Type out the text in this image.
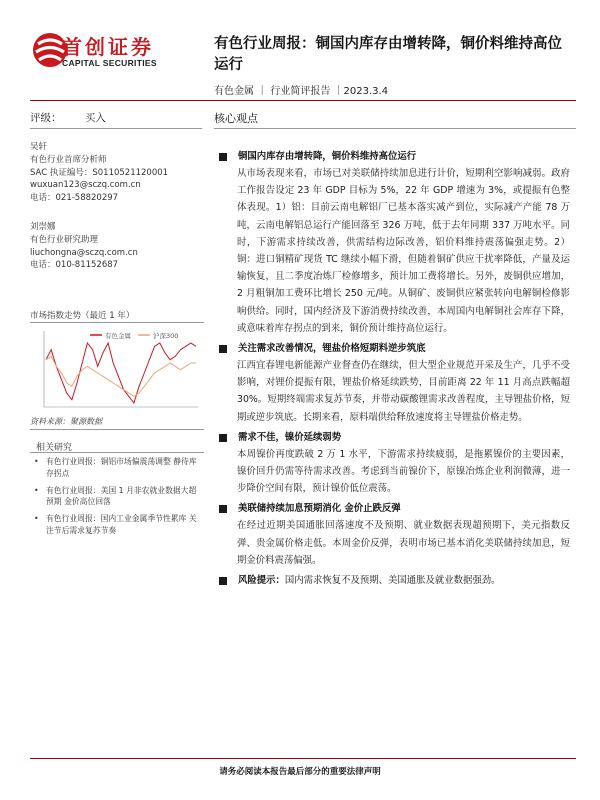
首创证券
CAPITAL SECURITIES
有色行业周报：铜国内库存由增转降，铜价料维持高位运行
有色金属 ｜ 行业简评报告 ｜2023.3.4
评级： 买入	核心观点
吴轩
有色行业首席分析师
SAC 执证编号：S0110521120001
wuxuan123@sczq.com.cn
电话：021-58820297
刘崇娜
有色行业研究助理
liuchongna@sczq.com.cn
电话：010-81152687
市场指数走势（最近 1 年）
有色金属	沪深300
资料来源：聚源数据
相关研究
• 有色行业周报：铜铝市场偏震荡调整 静待库存拐点
• 有色行业周报：美国 1 月非农就业数据大超预期 金价高位回落
• 有色行业周报：国内工业金属季节性累库 关注节后需求复苏节奏
铜国内库存由增转降，铜价料维持高位运行

从市场表现来看，市场已对美联储持续加息进行计价，短期利空影响减弱。政府工作报告设定 23 年 GDP 目标为 5%，22 年 GDP 增速为 3%，或提振有色整体表现。1）铝：目前云南电解铝厂已基本落实减产到位，实际减产产能 78 万吨，云南电解铝总运行产能回落至 326 万吨，低于去年同期 337 万吨水平。同时，下游需求持续改善，供需结构边际改善，铝价料维持震荡偏强走势。2）铜：进口铜精矿现货 TC 继续小幅下滑，但随着铜矿供应干扰率降低，产量及运输恢复，且二季度冶炼厂检修增多，预计加工费将增长。另外，废铜供应增加，2 月粗铜加工费环比增长 250 元/吨。从铜矿、废铜供应紧张转向电解铜检修影响供给。同时，国内经济及下游消费持续改善，本周国内电解铜社会库存下降，或意味着库存拐点的到来，铜价预计维持高位运行。

关注需求改善情况，锂盐价格短期料逆步筑底

江西宜春锂电新能源产业督查仍在继续，但大型企业规范开采及生产，几乎不受影响，对锂价提振有限，锂盐价格延续跌势，目前距离 22 年 11 月高点跌幅超 30%。短期终端需求复苏节奏，并带动碳酸锂需求改善程度，主导锂盐价格，短期或逆步筑底。长期来看，原料端供给释放速度将主导锂盐价格走势。

需求不佳，镍价延续弱势

本周镍价再度跌破 2 万 1 水平，下游需求持续疲弱，是拖累镍价的主要因素，镍价回升仍需等待需求改善。考虑到当前镍价下，原镍冶炼企业利润微薄，进一步降价空间有限，预计镍价低位震荡。

美联储持续加息预期消化 金价止跌反弹

在经过近期美国通胀回落速度不及预期、就业数据表现超预期下，美元指数反弹、贵金属价格走低。本周金价反弹，表明市场已基本消化美联储持续加息，短期金价料震荡偏强。

风险提示：国内需求恢复不及预期、美国通胀及就业数据强劲。
请务必阅读本报告最后部分的重要法律声明
